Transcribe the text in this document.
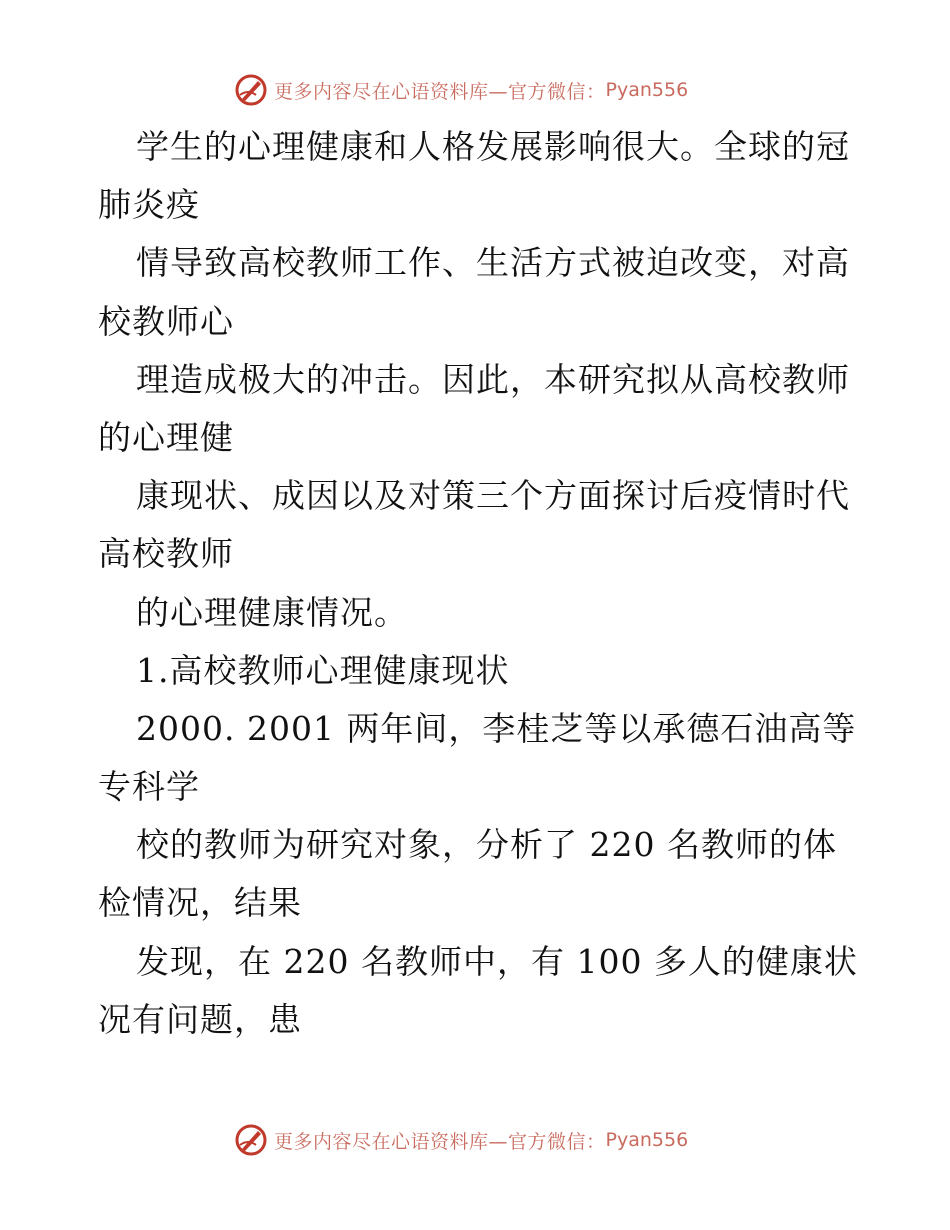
更多内容尽在心语资料库—官方微信： Pyan556
学生的心理健康和人格发展影响很大。全球的冠
肺炎疫
情导致高校教师工作、生活方式被迫改变，对高
校教师心
理造成极大的冲击。因此，本研究拟从高校教师
的心理健
康现状、成因以及对策三个方面探讨后疫情时代
高校教师
的心理健康情况。
1.高校教师心理健康现状
2000. 2001 两年间，李桂芝等以承德石油高等
专科学
校的教师为研究对象，分析了 220 名教师的体
检情况，结果
发现，在 220 名教师中，有 100 多人的健康状
况有问题，患
更多内容尽在心语资料库—官方微信： Pyan556
